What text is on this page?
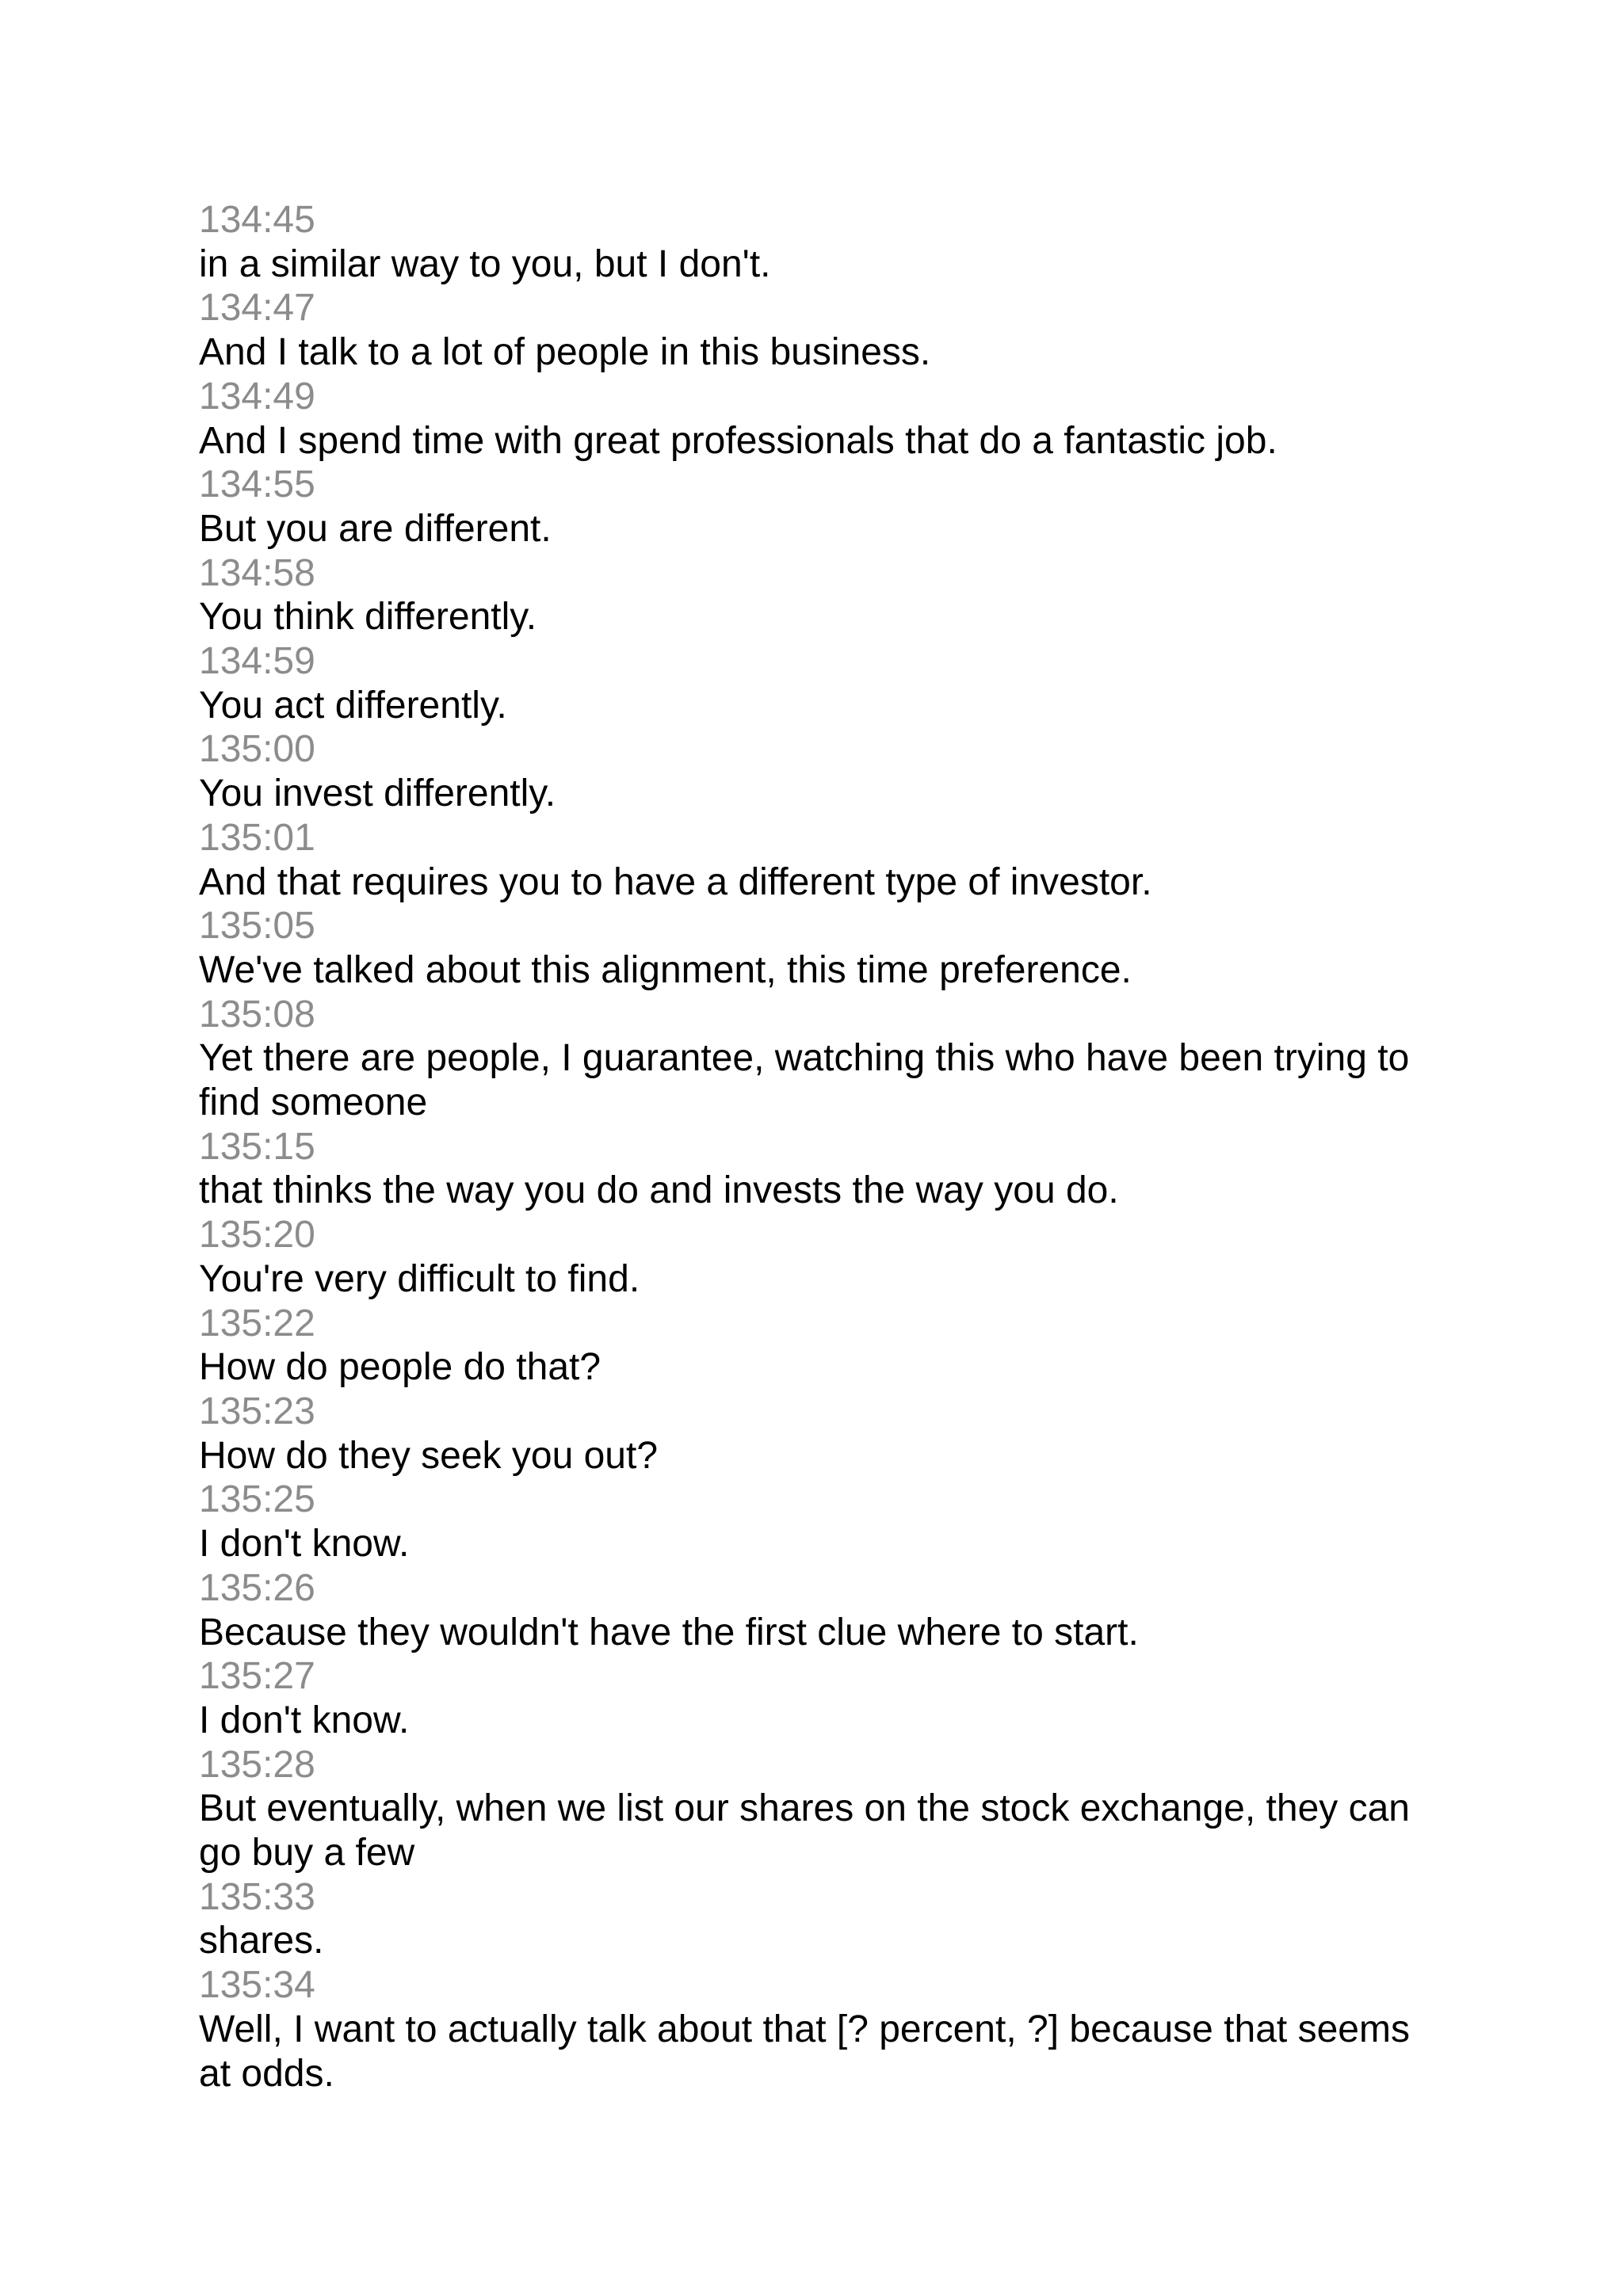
134:45
in a similar way to you, but I don't.
134:47
And I talk to a lot of people in this business.
134:49
And I spend time with great professionals that do a fantastic job.
134:55
But you are different.
134:58
You think differently.
134:59
You act differently.
135:00
You invest differently.
135:01
And that requires you to have a different type of investor.
135:05
We've talked about this alignment, this time preference.
135:08
Yet there are people, I guarantee, watching this who have been trying to
find someone
135:15
that thinks the way you do and invests the way you do.
135:20
You're very difficult to find.
135:22
How do people do that?
135:23
How do they seek you out?
135:25
I don't know.
135:26
Because they wouldn't have the first clue where to start.
135:27
I don't know.
135:28
But eventually, when we list our shares on the stock exchange, they can
go buy a few
135:33
shares.
135:34
Well, I want to actually talk about that [? percent, ?] because that seems
at odds.
